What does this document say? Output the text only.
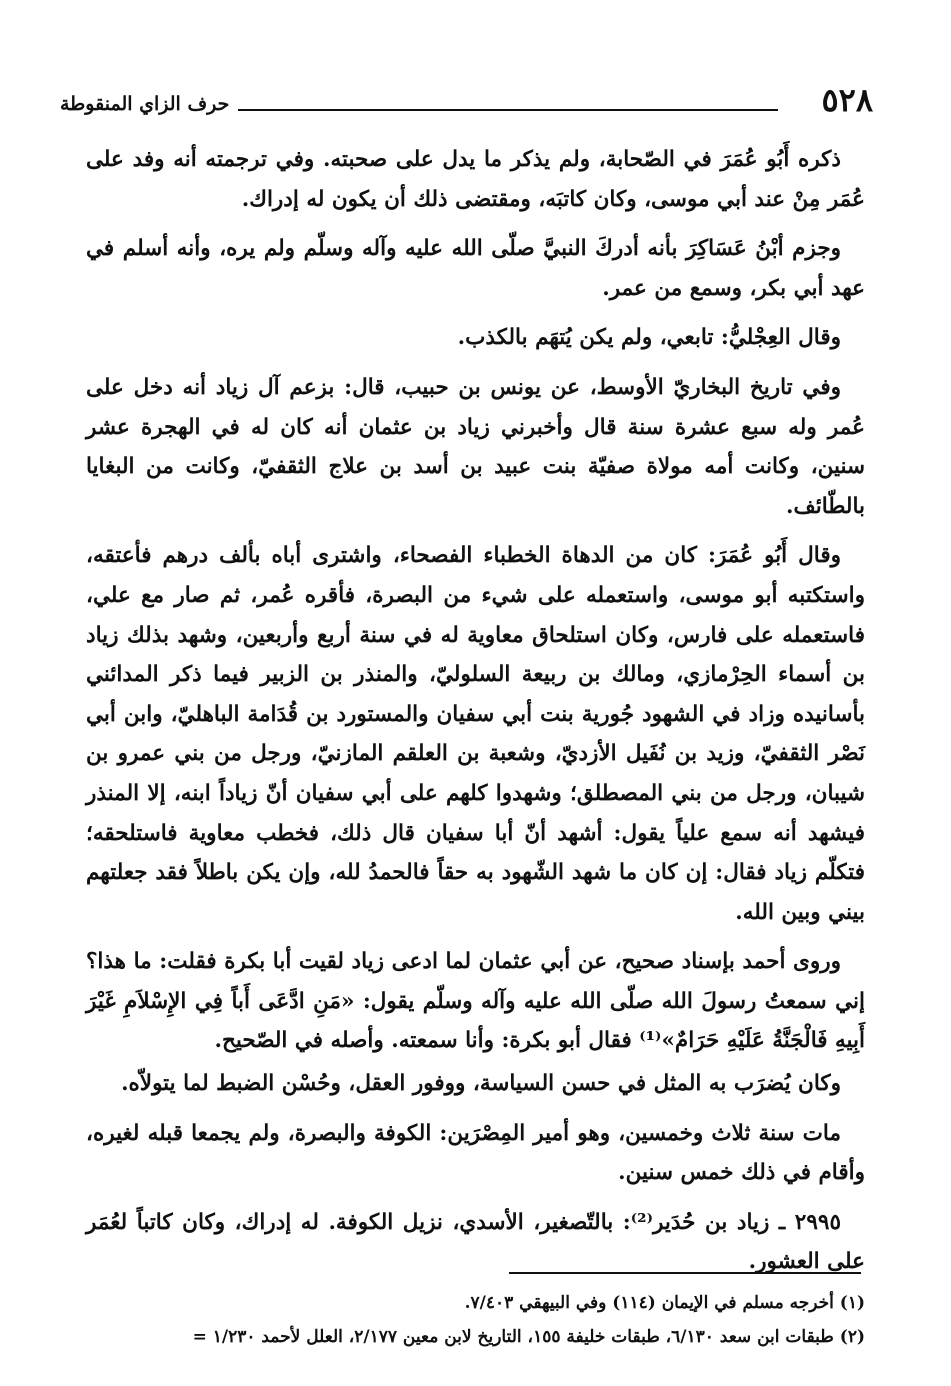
٥٢٨
حرف الزاي المنقوطة

ذكره أَبُو عُمَرَ في الصّحابة، ولم يذكر ما يدل على صحبته. وفي ترجمته أنه وفد على عُمَر مِنْ عند أبي موسى، وكان كاتبَه، ومقتضى ذلك أن يكون له إدراك.

وجزم أبْنُ عَسَاكِرَ بأنه أدركَ النبيَّ صلّى الله عليه وآله وسلّم ولم يره، وأنه أسلم في عهد أبي بكر، وسمع من عمر.

وقال العِجْليُّ: تابعي، ولم يكن يُتهَم بالكذب.

وفي تاريخ البخاريّ الأوسط، عن يونس بن حبيب، قال: بزعم آل زياد أنه دخل على عُمر وله سبع عشرة سنة قال وأخبرني زياد بن عثمان أنه كان له في الهجرة عشر سنين، وكانت أمه مولاة صفيّة بنت عبيد بن أسد بن علاج الثقفيّ، وكانت من البغايا بالطّائف.

وقال أَبُو عُمَرَ: كان من الدهاة الخطباء الفصحاء، واشترى أباه بألف درهم فأعتقه، واستكتبه أبو موسى، واستعمله على شيء من البصرة، فأقره عُمر، ثم صار مع علي، فاستعمله على فارس، وكان استلحاق معاوية له في سنة أربع وأربعين، وشهد بذلك زياد بن أسماء الحِرْمازي، ومالك بن ربيعة السلوليّ، والمنذر بن الزبير فيما ذكر المدائني بأسانيده وزاد في الشهود جُورية بنت أبي سفيان والمستورد بن قُدَامة الباهليّ، وابن أبي نَصْر الثقفيّ، وزيد بن نُفَيل الأزديّ، وشعبة بن العلقم المازنيّ، ورجل من بني عمرو بن شيبان، ورجل من بني المصطلق؛ وشهدوا كلهم على أبي سفيان أنّ زياداً ابنه، إلا المنذر فيشهد أنه سمع علياً يقول: أشهد أنّ أبا سفيان قال ذلك، فخطب معاوية فاستلحقه؛ فتكلّم زياد فقال: إن كان ما شهد الشّهود به حقاً فالحمدُ لله، وإن يكن باطلاً فقد جعلتهم بيني وبين الله.

وروى أحمد بإسناد صحيح، عن أبي عثمان لما ادعى زياد لقيت أبا بكرة فقلت: ما هذا؟ إني سمعتُ رسولَ الله صلّى الله عليه وآله وسلّم يقول: «مَنِ ادَّعَى أَباً فِي الإِسْلاَمِ غَيْرَ أَبِيهِ فَالْجَنَّةُ عَلَيْهِ حَرَامٌ»⁽¹⁾ فقال أبو بكرة: وأنا سمعته. وأصله في الصّحيح.

وكان يُضرَب به المثل في حسن السياسة، ووفور العقل، وحُسْن الضبط لما يتولاّه.

مات سنة ثلاث وخمسين، وهو أمير المِصْرَين: الكوفة والبصرة، ولم يجمعا قبله لغيره، وأقام في ذلك خمس سنين.

٢٩٩٥ ـ زياد بن حُدَير⁽²⁾: بالتّصغير، الأسدي، نزيل الكوفة. له إدراك، وكان كاتباً لعُمَر على العشور.

(١) أخرجه مسلم في الإيمان (١١٤) وفي البيهقي ٧/٤٠٣.
(٢) طبقات ابن سعد ٦/١٣٠، طبقات خليفة ١٥٥، التاريخ لابن معين ٢/١٧٧، العلل لأحمد ١/٢٣٠ =
